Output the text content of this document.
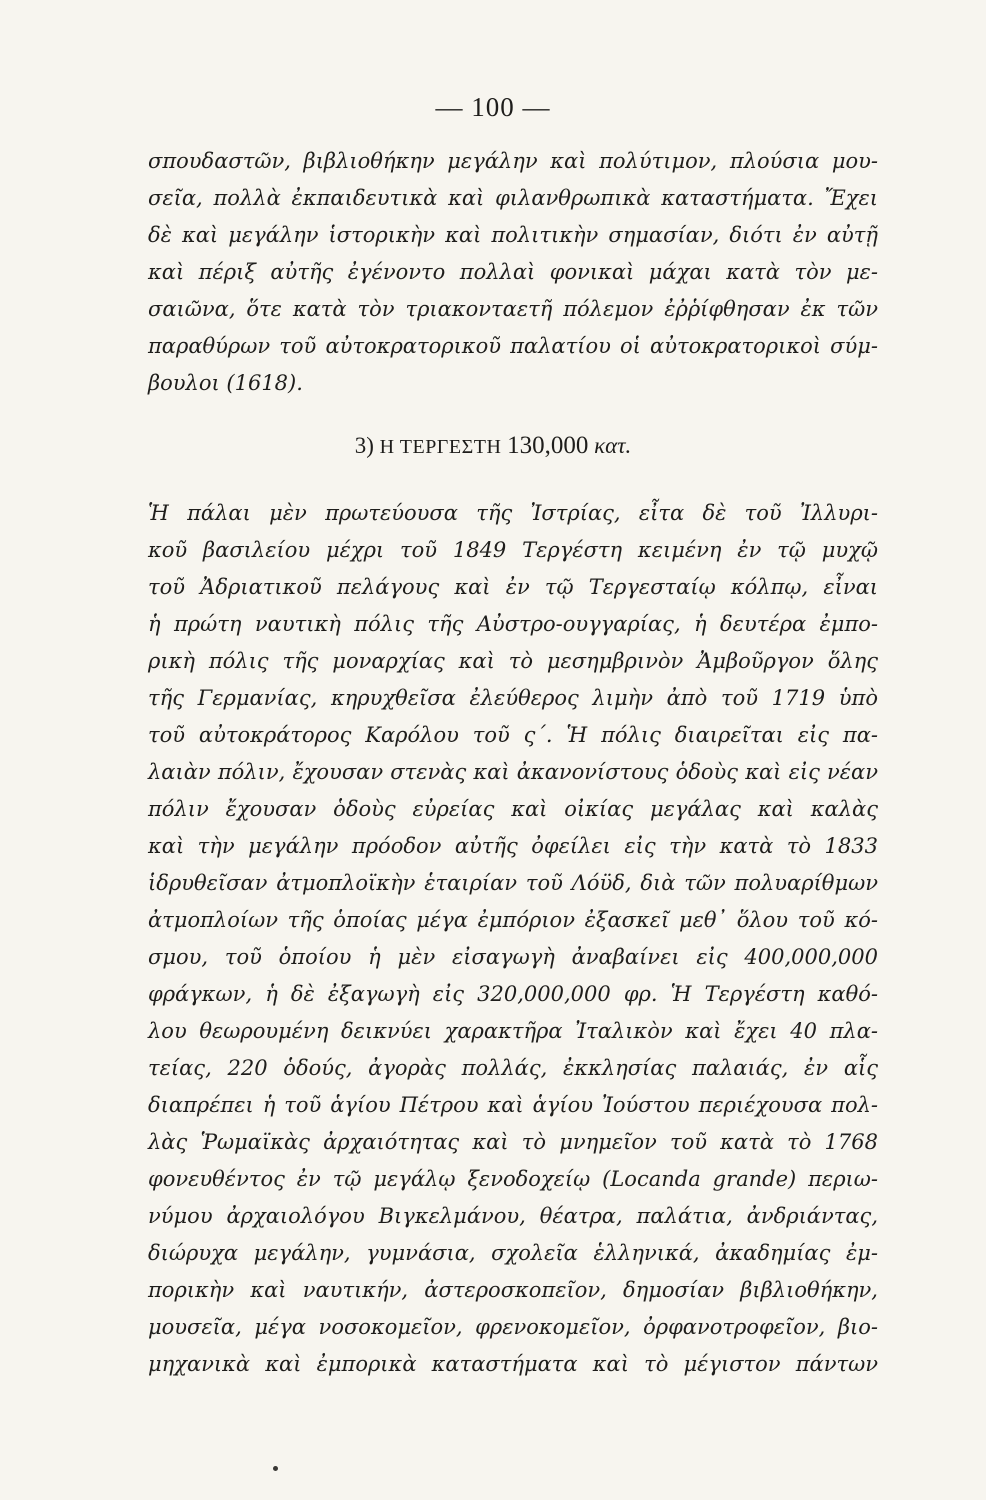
— 100 —
σπουδαστῶν, βιβλιοθήκην μεγάλην καὶ πολύτιμον, πλούσια μου-
σεῖα, πολλὰ ἐκπαιδευτικὰ καὶ φιλανθρωπικὰ καταστήματα. Ἔχει
δὲ καὶ μεγάλην ἱστορικὴν καὶ πολιτικὴν σημασίαν, διότι ἐν αὐτῇ
καὶ πέριξ αὐτῆς ἐγένοντο πολλαὶ φονικαὶ μάχαι κατὰ τὸν με-
σαιῶνα, ὅτε κατὰ τὸν τριακονταετῆ πόλεμον ἐῤῥίφθησαν ἐκ τῶν
παραθύρων τοῦ αὐτοκρατορικοῦ παλατίου οἱ αὐτοκρατορικοὶ σύμ-
βουλοι (1618).
3) Η ΤΕΡΓΕΣΤΗ 130,000 κατ.
Ἡ πάλαι μὲν πρωτεύουσα τῆς Ἰστρίας, εἶτα δὲ τοῦ Ἰλλυρι-
κοῦ βασιλείου μέχρι τοῦ 1849 Τεργέστη κειμένη ἐν τῷ μυχῷ
τοῦ Ἀδριατικοῦ πελάγους καὶ ἐν τῷ Τεργεσταίῳ κόλπῳ, εἶναι
ἡ πρώτη ναυτικὴ πόλις τῆς Αὐστρο-ουγγαρίας, ἡ δευτέρα ἐμπο-
ρικὴ πόλις τῆς μοναρχίας καὶ τὸ μεσημβρινὸν Ἀμβοῦργον ὅλης
τῆς Γερμανίας, κηρυχθεῖσα ἐλεύθερος λιμὴν ἀπὸ τοῦ 1719 ὑπὸ
τοῦ αὐτοκράτορος Καρόλου τοῦ ς΄. Ἡ πόλις διαιρεῖται εἰς πα-
λαιὰν πόλιν, ἔχουσαν στενὰς καὶ ἀκανονίστους ὁδοὺς καὶ εἰς νέαν
πόλιν ἔχουσαν ὁδοὺς εὐρείας καὶ οἰκίας μεγάλας καὶ καλὰς
καὶ τὴν μεγάλην πρόοδον αὐτῆς ὀφείλει εἰς τὴν κατὰ τὸ 1833
ἱδρυθεῖσαν ἀτμοπλοϊκὴν ἑταιρίαν τοῦ Λόϋδ, διὰ τῶν πολυαρίθμων
ἀτμοπλοίων τῆς ὁποίας μέγα ἐμπόριον ἐξασκεῖ μεθ᾽ ὅλου τοῦ κό-
σμου, τοῦ ὁποίου ἡ μὲν εἰσαγωγὴ ἀναβαίνει εἰς 400,000,000
φράγκων, ἡ δὲ ἐξαγωγὴ εἰς 320,000,000 φρ. Ἡ Τεργέστη καθό-
λου θεωρουμένη δεικνύει χαρακτῆρα Ἰταλικὸν καὶ ἔχει 40 πλα-
τείας, 220 ὁδούς, ἀγορὰς πολλάς, ἐκκλησίας παλαιάς, ἐν αἷς
διαπρέπει ἡ τοῦ ἁγίου Πέτρου καὶ ἁγίου Ἰούστου περιέχουσα πολ-
λὰς Ῥωμαϊκὰς ἀρχαιότητας καὶ τὸ μνημεῖον τοῦ κατὰ τὸ 1768
φονευθέντος ἐν τῷ μεγάλῳ ξενοδοχείῳ (Locanda grande) περιω-
νύμου ἀρχαιολόγου Βιγκελμάνου, θέατρα, παλάτια, ἀνδριάντας,
διώρυχα μεγάλην, γυμνάσια, σχολεῖα ἑλληνικά, ἀκαδημίας ἐμ-
πορικὴν καὶ ναυτικήν, ἀστεροσκοπεῖον, δημοσίαν βιβλιοθήκην,
μουσεῖα, μέγα νοσοκομεῖον, φρενοκομεῖον, ὀρφανοτροφεῖον, βιο-
μηχανικὰ καὶ ἐμπορικὰ καταστήματα καὶ τὸ μέγιστον πάντων
